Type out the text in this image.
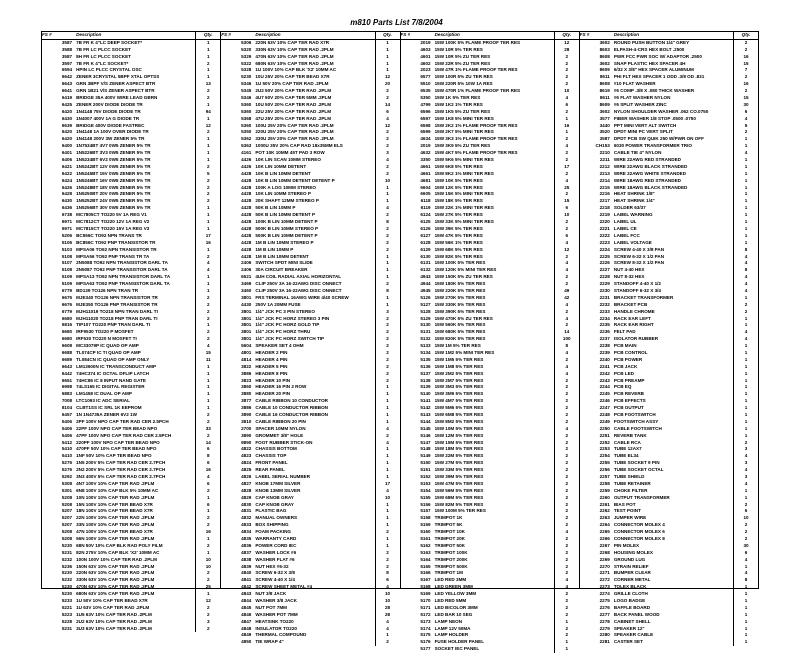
m810 Parts List 7/8/2004
FS #	Description	Qty.
3587 7B FR K 4"LC DEEP SOCKET*	1
3588 7B FR LC PLCC SOCKET	1
3587 8H FR LC PLCC SOCKET	1
3597 7B FR K 4"LC SOCKET*	2
6594 HPIN LC PLCC CRYSTAL OSC	1
6642 ZENER 3CRYSTAL 5BPF XTAL OPTSS	1
6643 GRN 3BPF V/S ZENER ASPECT BTR	13
6641 GRN 1B21 V/S ZENER ASPECT BTR	2
6419 BRIDGE 35A 400V WIRE LEAD GBRN	2
6425 ZENER 200V DIODE DIODE TR	1
6420 1N4148 75V DIODE DIODE TR	94
6430 1N4007 400V 1A G DIODE TR	1
6639 BRIDGE 400V DIODE FASTREC	12
6420 1N4148 1A 100V OVER DIODE TR	2
6420 1N4148 200V 3W ZENER 5% TR	1
6400 1N7534BT 4V7 0W5 ZENER 5% TR	1
6401 1N5226BT 3V3 0W5 ZENER 5% TR	1
6406 1N5234BT 6V2 0W5 ZENER 5% TR	1
6421 1N5242BT 12V 0W5 ZENER 5% TR	2
6422 1N5245BT 15V 0W5 ZENER 5% TR	5
6424 1N5246BT 16V 0W5 ZENER 5% TR	2
6426 1N5248BT 18V 0W5 ZENER 5% TR	2
6428 1N5250BT 20V 0W5 ZENER 5% TR	2
6430 1N5252BT 24V 0W5 ZENER 5% TR	2
6436 1N5256BT 30V 0W5 ZENER 5% TR	1
6738 MC7805CT TO220 5V 1A REG V1	1
6971 MC7812CT TO220 12V 1A REG V2	1
6971 MC7815CT TO220 15V 1A REG V3	1
5206 BC556C TO92 NPN TRANS TR	17
5106 BC856C TO92 PNP TRANSISTOR TR	16
5103 MPSA06 TO92 NPN TRANSISTOR TR	1
5108 MPSA56 TO92 PNP TRANS TR TA	2
5107 2N5088 TO92 NPN TRANSISTOR DARL TA	4
5108 2N5087 TO92 PNP TRANSISTOR DARL TA	4
5109 MPSA13 TO92 NPN TRANSISTOR DARL TA	1
5109 MPSA63 TO92 PNP TRANSISTOR DARL TA	1
6779 BD139 TO126 NPN TRAN TR	1
6675 MJE340 TO126 NPN TRANSISTOR TR	2
6676 MJE350 TO126 PNP TRANSISTOR TR	2
6779 MJH11019 TO218 NPN TRAN DARL TI	2
6680 MJH11020 TO218 PNP TRAN DARL TI	2
6816 TIP107 TO220 PNP TRAN DARL TI	1
6680 IRF9530 TO220 P MOSFET	2
6680 IRF530 TO220 N MOSFET TI	2
6608 MC33079P IC QUAD OP AMP	4
6688 TL074CP IC TI QUAD OP AMP	15
6689 TL084CN IC QUAD OP AMP ONLY	11
6643 LM13600N IC TRANSCONDUCT AMP	1
6442 74HC374 IC OCTAL DFLIP LATCH	1
6651 74HC86 IC 8 INPUT NAND GATE	1
6998 74LS165 IC DIGITAL REGISTER	1
6883 LM1458 IC DUAL OP AMP	1
7008 LTC1093 IC ADC SERIAL	1
8104 CLBT1SS IC SRL 1K EEPROM	1
6457 1N 1N4735A ZENER 6V2 1W	2
5406 2PF 100V NPO CAP TER RAD CER 2.5PCH	2
5406 22PF 100V NPO CAP TER BEAD NPO	33
5406 47PF 100V NPO CAP TER RAD CER 2.5PCH	2
5412 220PF 100V NPO CAP TER BEAD NPO	14
5410 470PF 50V 10% CAP TER BEAD NPO	6
5410 1NF 50V 10% CAP TER BEAD NPO	8
5276 1N5 200V 5% CAP TER RAD CER 2.7PCH	6
5276 2N2 200V 5% CAP TER RAD CER 2.7PCH	16
5292 3N3 400V 5% CAP TER RAD CER 2.7PCH	4
5308 4N7 100V 10% CAP TER RAD .2PLM	6
5301 6N8 100V 10% CAP BLK 5% 10MM AC	2
5208 10N 100V 10% CAP TER RAD .2PLM	1
5208 15N 100V 10% CAP TER BEAD X7R	6
5207 18N 100V 10% CAP TER BEAD X7R	1
5207 22N 100V 10% CAP TER RAD .2PLM	2
5207 33N 100V 10% CAP TER RAD .2PLM	2
5208 47N 100V 10% CAP TER BEAD X7R	16
5208 56N 100V 10% CAP TER RAD .2PLM	1
5230 68N 50V 10% CAP BLK RAD POLY FILM	2
5231 82N 275V 10% CAP BLK 'X2' 10MM AC	1
5232 100N 100V 10% CAP TER RAD .2PLM	10
5236 150N 63V 10% CAP TER RAD .2PLM	10
5230 220N 63V 10% CAP TER RAD .2PLM	2
5232 330N 63V 10% CAP TER RAD .2PLM	2
5230 470N 63V 10% CAP TER RAD .2PLM	25
5230 680N 63V 10% CAP TER RAD .2PLM	1
5233 1U 50V 10% CAP TER BEAD X7R	12
5221 1U 63V 10% CAP TER RAD .2PLM	2
5223 1U5 63V 10% CAP TER RAD .2PLM	2
5228 2U2 63V 10% CAP TER RAD .2PLM	3
5231 3U3 63V 10% CAP TER RAD .2PLM	2
FS #	Description	Qty.
5306 220N 63V 10% CAP TER RAD X7R	1
5320 330N 63V 10% CAP TER RAD .2PLM	1
5329 470N 63V 10% CAP TER RAD .2PLM	1
5322 680N 63V 10% CAP TER RAD .2PLM	1
5328 1U 100V 10% CAP BLK 'X2' 10MM AC	1
5230 10U 25V 20% CAP TER BEAD X7R	12
5346 1U 50V 20% CAP TER RAD .2PLM	20
5345 2U2 50V 20% CAP TER RAD .2PLM	2
5346 4U7 50V 20% CAP TER 5MM .2PLM	2
5360 10U 50V 20% CAP TER RAD .2PLM	14
5360 22U 25V 20% CAP TER RAD .2PLM	6
5368 47U 25V 20% CAP TER RAD .2PLM	4
5360 100U 25V 20% CAP TER RAD .2PLM	12
5350 220U 25V 20% CAP TER RAD .2PLM	2
5362 330U 25V 20% CAP TER RAD .2PLM	2
5363 1000U 35V 20% CAP RAD 18x35MM ELS	2
4161 POT 10K 10MM 45T PAD 3 ROW	3
4426 10K LIN SCAN 10MM STEREO	4
4426 10K LIN 10MM DETENT	2
4428 10K B LIN 10MM DETENT	2
4428 10K B LIN 10MM DETENT DETENT P	10
4428 100K A LOG 10MM STEREO	1
4428 10K LIN 10MM STEREO P	1
4428 20K SHAFT 12MM STEREO P	1
4428 50K B LIN 10MM P	4
4428 50K B LIN 10MM DETENT P	2
4428 100K B LIN 10MM DETENT P	8
4428 500K B LIN 10MM STEREO P	2
4428 500K B LIN 10MM DETENT P	2
4428 1M B LIN 10MM STEREO P	2
4428 1M B LIN 10MM P	2
4428 1M B LIN 10MM DETENT	1
2406 SWITCH SPDT MINI SLIDE	1
2406 30A CIRCUIT BREAKER	1
6521 4UH COIL RADIAL AXIAL HORIZONTAL	1
3469 CLIP 250V 3A 16-22AWG DISC ONNECT	2
3460 CLIP 250V 3A 16-22AWG DISC ONNECT	8
3801 FRS TERMINAL 16AWG WIRE 4/40 SCREW	1
4430 250V 1A 20MM FUSE	1
3801 1/4" JCK PC 3 PIN STEREO	3
3801 1/4" JCK PC HORZ STEREO 3 PIN	2
3801 1/4" JCK PC HORZ GOLD TIP	2
3801 1/4" JCK PC HORZ THRU	2
3801 1/4" JCK PC HORZ SWITCH TIP	2
5604 SPEAKER SET 4 OHM	2
4801 HEADER 2 PIN	2
4814 HEADER 4 PIN	2
3822 HEADER 5 PIN	2
3886 HEADER 8 PIN	2
3823 HEADER 10 PIN	2
3860 HEADER 16 PIN 2 ROW	1
3880 HEADER 20 PIN	1
3877 CABLE RIBBON 10 CONDUCTOR	1
3886 CABLE 10 CONDUCTOR RIBBON	1
3890 CABLE 16 CONDUCTOR RIBBON	1
3810 CABLE RIBBON 20 PIN	1
2700 SPACER 10MM NYLON	4
3890 GROMMET 3/8" HOLE	2
9890 FOOT RUBBER STICK-ON	4
4822 CHASSIS BOTTOM	1
4823 CHASSIS TOP	1
4824 FRONT PANEL	1
4825 REAR PANEL	1
4826 LABEL SERIAL NUMBER	1
4827 KNOB 17MM SILVER	17
4828 KNOB 13MM SILVER	4
4829 CAP KNOB GRAY	10
4830 CAP KNOB GRAY	1
4831 PLASTIC BAG	1
4832 MANUAL OWNERS	1
4833 BOX SHIPPING	1
4834 FOAM PACKING	2
4835 WARRANTY CARD	1
4836 POWER CORD IEC	1
4837 WASHER LOCK #6	2
4838 WASHER FLAT #6	2
4839 NUT HEX #6-32	2
4840 SCREW 6-32 X 3/8	8
4841 SCREW 4-40 X 1/4	6
4842 SCREW SHEET METAL #4	4
4843 NUT 3/8 JACK	10
4844 WASHER 3/8 JACK	10
4845 NUT POT 7MM	28
4846 WASHER POT 7MM	28
4847 HEATSINK TO220	4
4848 INSULATOR TO220	4
4849 THERMAL COMPOUND	1
4850 TIE WRAP 4"	2
FS #	Description	Qty.
2019 15W 100K 5% FLAME PROOF TER RES	12
4603 15W 10R 5% TER RES	28
4601 15W 10R 5% ZU TER RES	2
4602 15W 22R 5% ZU TER RES	2
2023 15W 47R 1% FLAME PROOF TER RES	2
6577 15W 100R 5% ZU TER RES	2
5510 15W 220R 5% 10W 1A RES	2
6535 15W 470R 1% FLAME PROOF TER RES	10
5350 15W 1K 5% TER RES	4
4799 15W 1K2 1% TER RES	6
6596 15W 1K5 5% ZU TER RES	2
6597 15W 1K8 5% MINI TER RES	1
6598 15W 2K2 1% FLAME PROOF TER RES	16
6599 15W 2K7 5% MINI TER RES	1
4634 15W 3K3 1% FLAME PROOF TER RES	2
2019 15W 3K9 5% ZU TER RES	4
4632 15W 4K7 5% FLAME PROOF TER RES	2
3350 15W 5K6 5% MINI TER RES	2
4661 15W 6K8 5% TER RES	17
4661 15W 8K2 1% MINI TER RES	2
4681 15W 10K 5% TER RES	4
6604 15W 12K 5% TER RES	25
6605 15W 15K 5% MINI TER RES	2
6118 15W 18K 5% TER RES	15
6119 15W 22K 1% MINI TER RES	6
6124 15W 27K 5% TER RES	10
6125 15W 33K 5% MINI TER RES	2
6126 15W 39K 5% TER RES	2
6127 15W 47K 5% TER RES	6
6128 15W 56K 1% TER RES	4
6129 15W 68K 5% TER RES	12
6130 15W 82K 5% TER RES	2
6131 15W 100K 5% TER RES	4
6132 15W 120K 5% MINI TER RES	4
4943 15W 150K 5% ZU TER RES	2
4944 15W 180K 5% TER RES	2
4945 15W 220K 5% TER RES	49
5126 15W 270K 5% TER RES	42
5127 15W 330K 5% TER RES	4
5128 15W 390K 5% TER RES	2
5129 15W 470K 5% ZU TER RES	4
5130 15W 560K 5% TER RES	2
5131 15W 680K 5% TER RES	14
5132 15W 820K 5% TER RES	100
5133 15W 1M 5% TER RES	8
5134 15W 1M2 5% MINI TER RES	4
5135 15W 1M5 5% TER RES	2
5136 15W 1M8 5% TER RES	4
5137 15W 2M2 5% TER RES	4
5138 15W 2M7 5% TER RES	2
5139 15W 3M3 5% TER RES	2
5140 15W 3M9 5% TER RES	2
5141 15W 4M7 5% TER RES	2
5142 15W 5M6 5% TER RES	2
5143 15W 6M8 5% TER RES	2
5144 15W 8M2 5% TER RES	2
5145 15W 10M 5% TER RES	4
5146 15W 12M 5% TER RES	2
5147 15W 15M 5% TER RES	2
5148 15W 18M 5% TER RES	2
5149 15W 22M 5% TER RES	2
5150 15W 27M 5% TER RES	2
5151 15W 33M 5% TER RES	2
5152 15W 39M 5% TER RES	2
5153 15W 47M 5% TER RES	2
5154 15W 56M 5% TER RES	2
5155 15W 68M 5% TER RES	2
5156 15W 82M 5% TER RES	2
5157 15W 100M 5% TER RES	2
5158 TRIMPOT 1K	2
5159 TRIMPOT 5K	2
5160 TRIMPOT 10K	4
5161 TRIMPOT 20K	2
5162 TRIMPOT 50K	2
5163 TRIMPOT 100K	2
5164 TRIMPOT 200K	2
5165 TRIMPOT 500K	2
5166 TRIMPOT 1M	2
5167 LED RED 3MM	4
5168 LED GREEN 3MM	4
5169 LED YELLOW 3MM	2
5170 LED RED 5MM	2
5171 LED BICOLOR 3MM	2
5172 LED BAR 10 SEG	2
5173 LAMP NEON	1
5174 LAMP 12V 50MA	2
5175 LAMP HOLDER	2
5176 FUSE HOLDER PANEL	1
5177 SOCKET IEC PANEL	1
FS #	Description	Qty.
3602 ROUND PUSH BUTTON 1/4" GREY	2
8603 ELPASH-4-CRS HEX BOLT .2500	2
8608 PWR FCC PWR SOC W/ ADAPTOR .2500	16
3602 SNAP PLASTIC HEX SPACER 4H	15
8609 6/32 X 3/8" HEX SPACER ALUMINUM	7
8611 PHI FLT HEX SPACER 1 ODD .3/8 OD .831	2
8608 #10 FLAT WASHER	16
8619 #6 COMP .3/8 X .080 THICK WASHER	2
8611 #6 FLAT WASHER NYLON	15
8609 #6 SPLIT WASHER ZINC	30
3602 NYLON SHOULDER WASHER .062 CO.0750	6
3577 FIBER WASHER 1/8 STOP .0500 .0750	4
3440 PPT MINI VERT ALT SWITCH	5
3520 DPDT MINI PC VERT SPLIT	2
3587 DPDT PCB SW QUIK 250 W/PWR ON OFF	1
CH153 6030 POWER TRANSFORMER TRIO	1
2210 CABLE TIE 4" NYLON	4
2211 WIRE 22AWG RED STRANDED	1
2212 WIRE 22AWG BLACK STRANDED	1
2213 WIRE 22AWG WHITE STRANDED	1
2214 WIRE 18AWG RED STRANDED	1
2215 WIRE 18AWG BLACK STRANDED	1
2216 HEAT SHRINK 1/8"	1
2217 HEAT SHRINK 1/4"	1
2218 SOLDER 63/37	1
2219 LABEL WARNING	1
2220 LABEL UL	1
2221 LABEL CE	1
2222 LABEL FCC	1
2223 LABEL VOLTAGE	1
2224 SCREW 4-40 X 3/8 PAN	8
2225 SCREW 6-32 X 1/2 PAN	4
2226 SCREW 8-32 X 1/2 PAN	4
2227 NUT 4-40 HEX	8
2228 NUT 8-32 HEX	4
2229 STANDOFF 4-40 X 1/2	4
2230 STANDOFF 6-32 X 3/4	4
2231 BRACKET TRANSFORMER	1
2232 BRACKET PCB	2
2233 HANDLE CHROME	2
2234 RACK EAR LEFT	1
2235 RACK EAR RIGHT	1
2236 FELT PAD	4
2237 ISOLATOR RUBBER	4
2238 PCB MAIN	1
2239 PCB CONTROL	1
2240 PCB POWER	1
2241 PCB JACK	1
2242 PCB LED	1
2243 PCB PREAMP	1
2244 PCB EQ	1
2245 PCB REVERB	1
2246 PCB EFFECTS	1
2247 PCB OUTPUT	1
2248 PCB FOOTSWITCH	1
2249 FOOTSWITCH ASSY	1
2250 CABLE FOOTSWITCH	1
2251 REVERB TANK	1
2252 CABLE RCA	2
2253 TUBE 12AX7	3
2254 TUBE EL34	4
2255 TUBE SOCKET 9 PIN	3
2256 TUBE SOCKET OCTAL	4
2257 TUBE SHIELD	3
2258 TUBE RETAINER	4
2259 CHOKE FILTER	1
2260 OUTPUT TRANSFORMER	1
2261 BIAS POT	2
2262 TEST POINT	6
2263 JUMPER WIRE	10
2264 CONNECTOR MOLEX 4	2
2265 CONNECTOR MOLEX 6	2
2266 CONNECTOR MOLEX 8	2
2267 PIN MOLEX	30
2268 HOUSING MOLEX	6
2269 GROUND LUG	4
2270 STRAIN RELIEF	1
2271 BUMPER CLEAR	4
2272 CORNER METAL	8
2273 TOLEX BLACK	1
2274 GRILLE CLOTH	1
2275 LOGO BADGE	1
2276 BAFFLE BOARD	1
2277 BACK PANEL WOOD	1
2278 CABINET SHELL	1
2279 SPEAKER 12"	1
2280 SPEAKER CABLE	1
2281 CASTER SET	1
